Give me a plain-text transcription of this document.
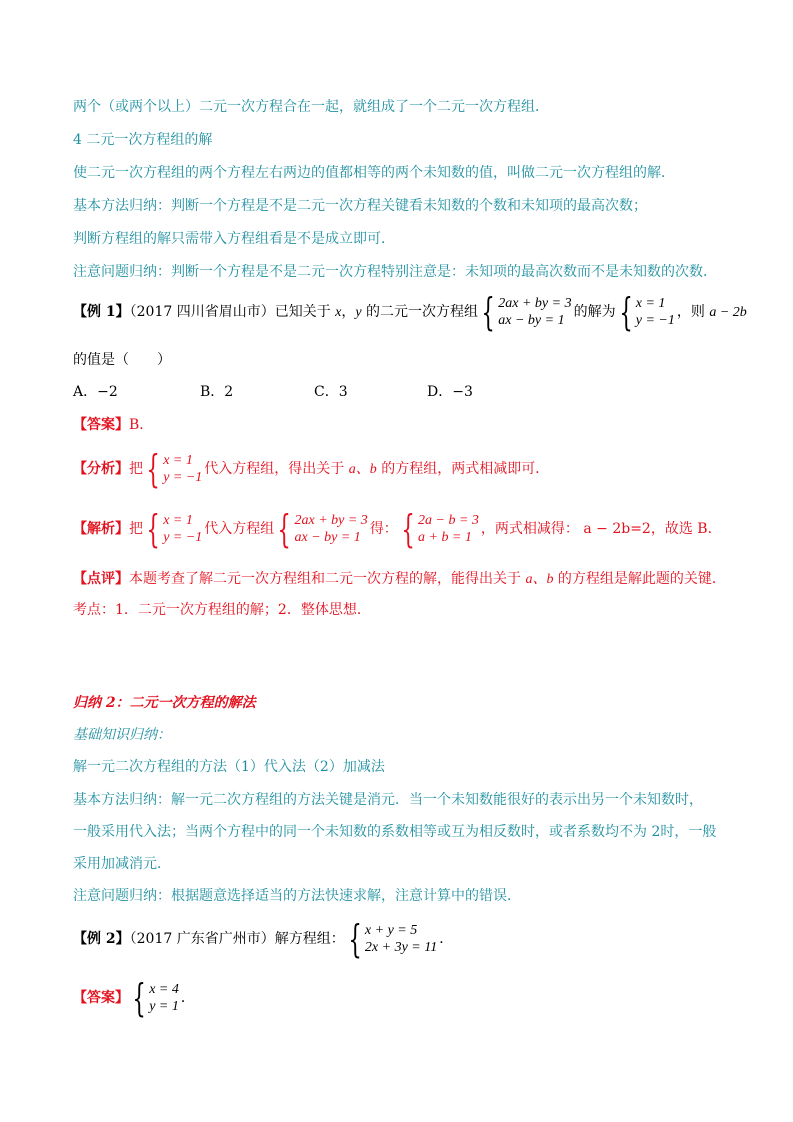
两个（或两个以上）二元一次方程合在一起，就组成了一个二元一次方程组．
4 二元一次方程组的解
使二元一次方程组的两个方程左右两边的值都相等的两个未知数的值，叫做二元一次方程组的解．
基本方法归纳：判断一个方程是不是二元一次方程关键看未知数的个数和未知项的最高次数；
判断方程组的解只需带入方程组看是不是成立即可．
注意问题归纳：判断一个方程是不是二元一次方程特别注意是：未知项的最高次数而不是未知数的次数．
【例 1】（2017 四川省眉山市）已知关于 x，y 的二元一次方程组 { 2ax + by = 3
ax − by = 1
的解为 { x = 1
y = −1
，则 a − 2b
的值是（　　）
A．−2	B．2	C．3	D．−3
【答案】B．
【分析】把 { x = 1
y = −1
代入方程组，得出关于 a、b 的方程组，两式相减即可．
【解析】把 { x = 1
y = −1
代入方程组 { 2ax + by = 3
ax − by = 1
得： { 2a − b = 3
a + b = 1
，两式相减得： a − 2b=2，故选 B．
【点评】本题考查了解二元一次方程组和二元一次方程的解，能得出关于 a、b 的方程组是解此题的关键．
考点：1．二元一次方程组的解；2．整体思想．
归纳 2：二元一次方程的解法
基础知识归纳：
解一元二次方程组的方法（1）代入法（2）加减法
基本方法归纳：解一元二次方程组的方法关键是消元．当一个未知数能很好的表示出另一个未知数时，
一般采用代入法；当两个方程中的同一个未知数的系数相等或互为相反数时，或者系数均不为 2时，一般
采用加减消元．
注意问题归纳：根据题意选择适当的方法快速求解，注意计算中的错误．
【例 2】（2017 广东省广州市）解方程组： { x + y = 5
2x + 3y = 11
．
【答案】 { x = 4
y = 1
．
